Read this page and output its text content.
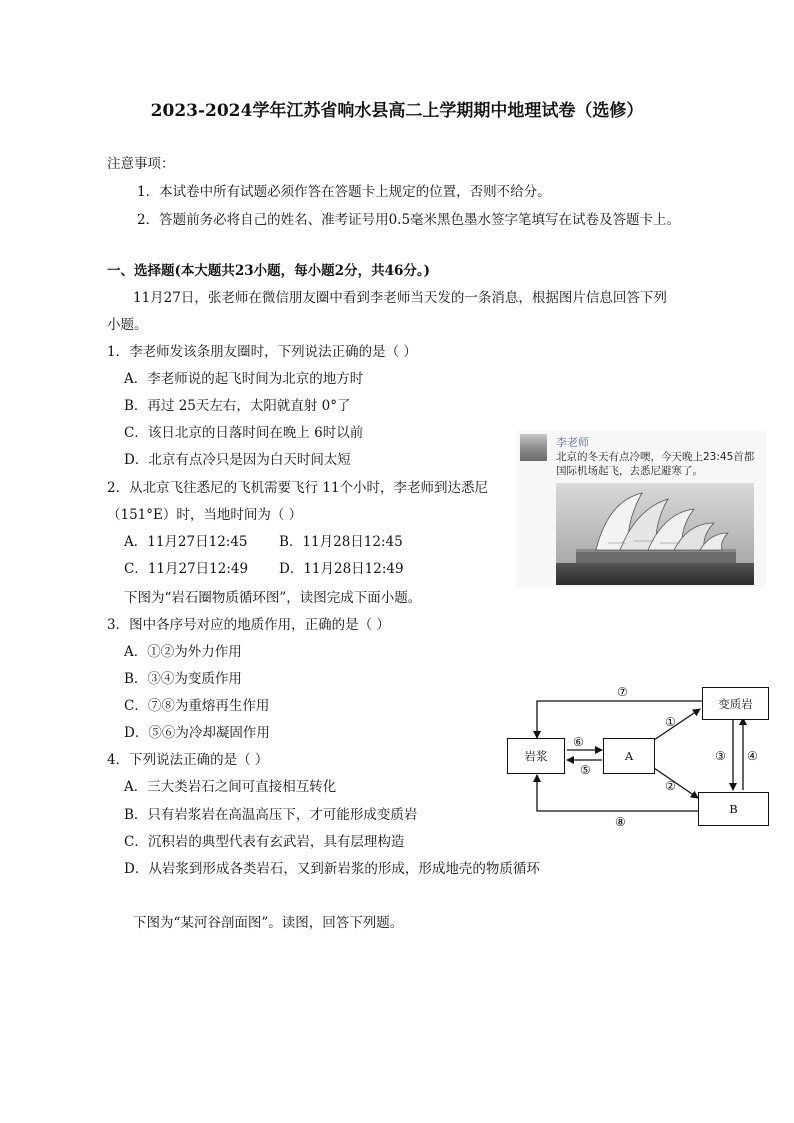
2023-2024学年江苏省响水县高二上学期期中地理试卷（选修）
注意事项：
1．本试卷中所有试题必须作答在答题卡上规定的位置，否则不给分。
2．答题前务必将自己的姓名、准考证号用0.5毫米黑色墨水签字笔填写在试卷及答题卡上。
一、选择题(本大题共23小题，每小题2分，共46分。)
11月27日，张老师在微信朋友圈中看到李老师当天发的一条消息，根据图片信息回答下列
小题。
1．李老师发该条朋友圈时，下列说法正确的是（ ）
A．李老师说的起飞时间为北京的地方时
B．再过 25天左右，太阳就直射 0°了
C．该日北京的日落时间在晚上 6时以前
D．北京有点冷只是因为白天时间太短
2．从北京飞往悉尼的飞机需要飞行 11个小时，李老师到达悉尼
（151°E）时，当地时间为（ ）
A．11月27日12:45 B．11月28日12:45
C．11月27日12:49 D．11月28日12:49
李老师
北京的冬天有点冷噢，今天晚上23:45首都国际机场起飞，去悉尼避寒了。
下图为“岩石圈物质循环图”，读图完成下面小题。
3．图中各序号对应的地质作用，正确的是（ ）
A．①②为外力作用
B．③④为变质作用
C．⑦⑧为重熔再生作用
D．⑤⑥为冷却凝固作用
4．下列说法正确的是（ ）
A．三大类岩石之间可直接相互转化
B．只有岩浆岩在高温高压下，才可能形成变质岩
C．沉积岩的典型代表有玄武岩，具有层理构造
D．从岩浆到形成各类岩石，又到新岩浆的形成，形成地壳的物质循环
岩浆	A
变质岩
B
⑦
⑧
⑥
⑤
①
②
③ ④
下图为“某河谷剖面图”。读图，回答下列题。
